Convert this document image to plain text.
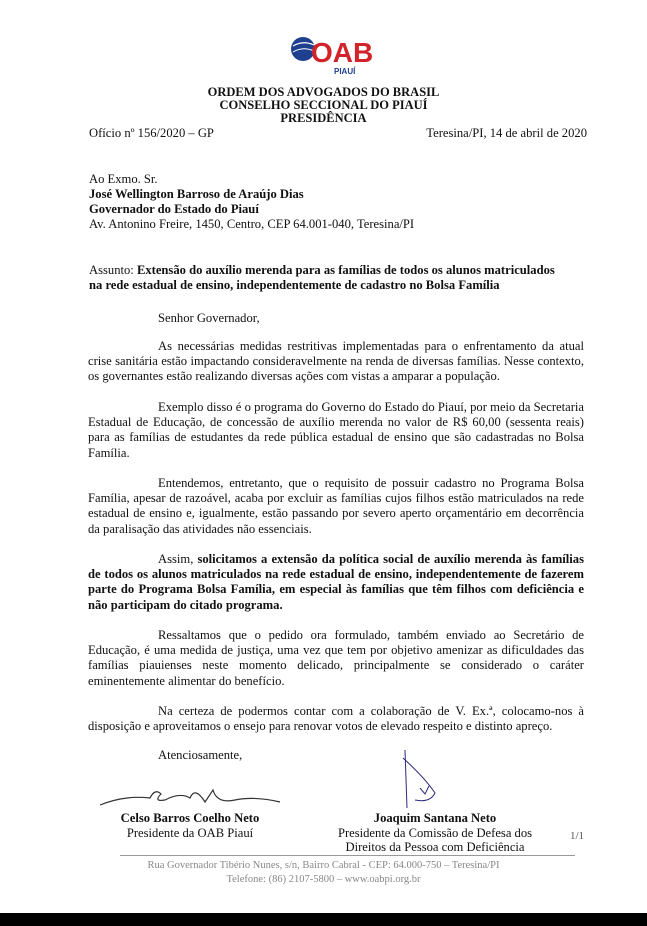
OAB
PIAUÍ
ORDEM DOS ADVOGADOS DO BRASIL
CONSELHO SECCIONAL DO PIAUÍ
PRESIDÊNCIA
Ofício nº 156/2020 – GP	Teresina/PI, 14 de abril de 2020
Ao Exmo. Sr.
José Wellington Barroso de Araújo Dias
Governador do Estado do Piauí
Av. Antonino Freire, 1450, Centro, CEP 64.001-040, Teresina/PI
Assunto: Extensão do auxílio merenda para as famílias de todos os alunos matriculados
na rede estadual de ensino, independentemente de cadastro no Bolsa Família
Senhor Governador,
As necessárias medidas restritivas implementadas para o enfrentamento da atual crise sanitária estão impactando consideravelmente na renda de diversas famílias. Nesse contexto, os governantes estão realizando diversas ações com vistas a amparar a população.
Exemplo disso é o programa do Governo do Estado do Piauí, por meio da Secretaria Estadual de Educação, de concessão de auxílio merenda no valor de R$ 60,00 (sessenta reais) para as famílias de estudantes da rede pública estadual de ensino que são cadastradas no Bolsa Família.
Entendemos, entretanto, que o requisito de possuir cadastro no Programa Bolsa Família, apesar de razoável, acaba por excluir as famílias cujos filhos estão matriculados na rede estadual de ensino e, igualmente, estão passando por severo aperto orçamentário em decorrência da paralisação das atividades não essenciais.
Assim, solicitamos a extensão da política social de auxílio merenda às famílias de todos os alunos matriculados na rede estadual de ensino, independentemente de fazerem parte do Programa Bolsa Família, em especial às famílias que têm filhos com deficiência e não participam do citado programa.
Ressaltamos que o pedido ora formulado, também enviado ao Secretário de Educação, é uma medida de justiça, uma vez que tem por objetivo amenizar as dificuldades das famílias piauienses neste momento delicado, principalmente se considerado o caráter eminentemente alimentar do benefício.
Na certeza de podermos contar com a colaboração de V. Ex.ª, colocamo-nos à disposição e aproveitamos o ensejo para renovar votos de elevado respeito e distinto apreço.
Atenciosamente,
Celso Barros Coelho Neto
Presidente da OAB Piauí
Joaquim Santana Neto
Presidente da Comissão de Defesa dos
Direitos da Pessoa com Deficiência
1/1
Rua Governador Tibério Nunes, s/n, Bairro Cabral - CEP: 64.000-750 – Teresina/PI
Telefone: (86) 2107-5800 – www.oabpi.org.br
